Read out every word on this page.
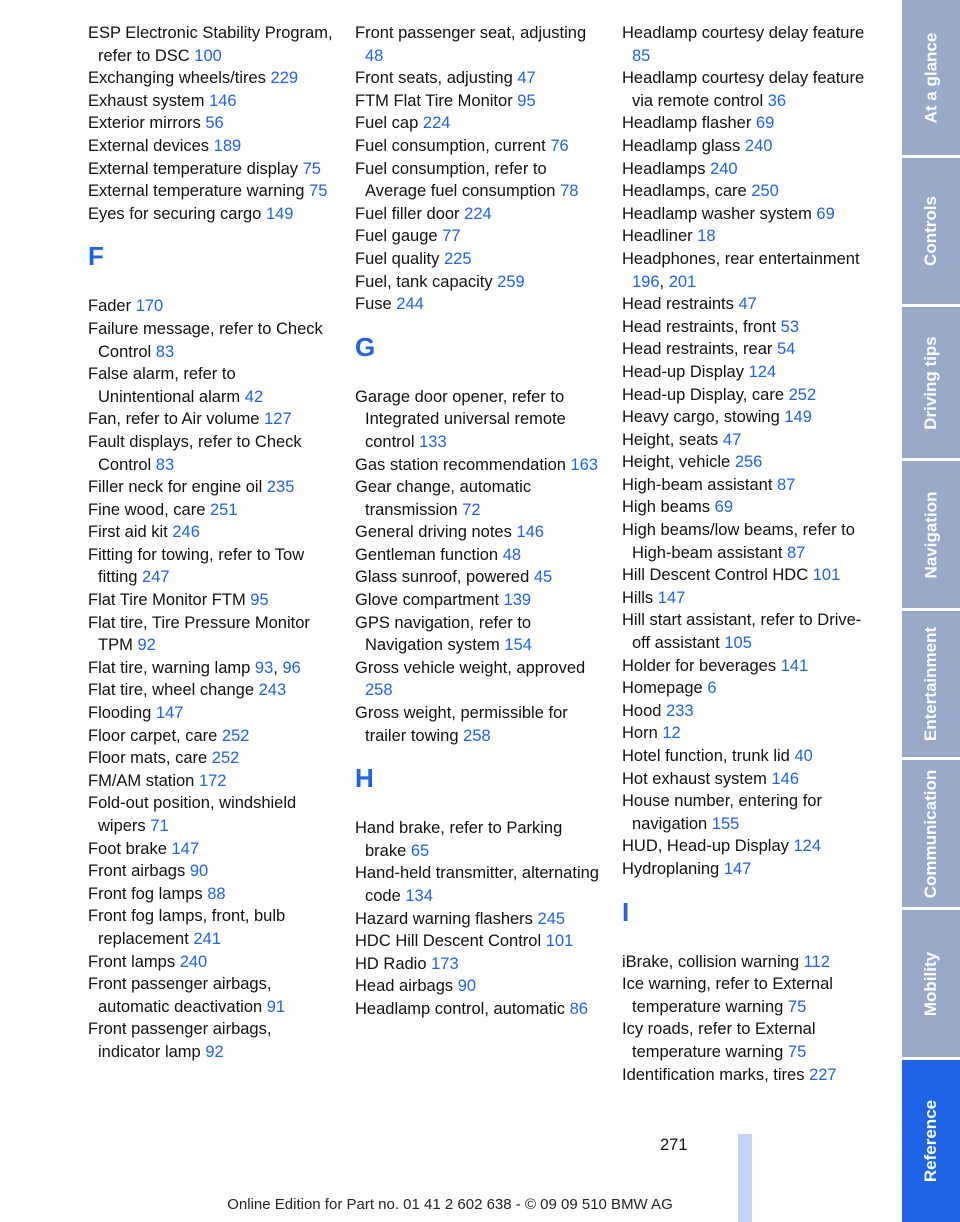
ESP Electronic Stability Program, refer to DSC 100
Exchanging wheels/tires 229
Exhaust system 146
Exterior mirrors 56
External devices 189
External temperature display 75
External temperature warning 75
Eyes for securing cargo 149
F
Fader 170
Failure message, refer to Check Control 83
False alarm, refer to Unintentional alarm 42
Fan, refer to Air volume 127
Fault displays, refer to Check Control 83
Filler neck for engine oil 235
Fine wood, care 251
First aid kit 246
Fitting for towing, refer to Tow fitting 247
Flat Tire Monitor FTM 95
Flat tire, Tire Pressure Monitor TPM 92
Flat tire, warning lamp 93, 96
Flat tire, wheel change 243
Flooding 147
Floor carpet, care 252
Floor mats, care 252
FM/AM station 172
Fold-out position, windshield wipers 71
Foot brake 147
Front airbags 90
Front fog lamps 88
Front fog lamps, front, bulb replacement 241
Front lamps 240
Front passenger airbags, automatic deactivation 91
Front passenger airbags, indicator lamp 92
Front passenger seat, adjusting 48
Front seats, adjusting 47
FTM Flat Tire Monitor 95
Fuel cap 224
Fuel consumption, current 76
Fuel consumption, refer to Average fuel consumption 78
Fuel filler door 224
Fuel gauge 77
Fuel quality 225
Fuel, tank capacity 259
Fuse 244
G
Garage door opener, refer to Integrated universal remote control 133
Gas station recommendation 163
Gear change, automatic transmission 72
General driving notes 146
Gentleman function 48
Glass sunroof, powered 45
Glove compartment 139
GPS navigation, refer to Navigation system 154
Gross vehicle weight, approved 258
Gross weight, permissible for trailer towing 258
H
Hand brake, refer to Parking brake 65
Hand-held transmitter, alternating code 134
Hazard warning flashers 245
HDC Hill Descent Control 101
HD Radio 173
Head airbags 90
Headlamp control, automatic 86
Headlamp courtesy delay feature 85
Headlamp courtesy delay feature via remote control 36
Headlamp flasher 69
Headlamp glass 240
Headlamps 240
Headlamps, care 250
Headlamp washer system 69
Headliner 18
Headphones, rear entertainment 196, 201
Head restraints 47
Head restraints, front 53
Head restraints, rear 54
Head-up Display 124
Head-up Display, care 252
Heavy cargo, stowing 149
Height, seats 47
Height, vehicle 256
High-beam assistant 87
High beams 69
High beams/low beams, refer to High-beam assistant 87
Hill Descent Control HDC 101
Hills 147
Hill start assistant, refer to Drive-off assistant 105
Holder for beverages 141
Homepage 6
Hood 233
Horn 12
Hotel function, trunk lid 40
Hot exhaust system 146
House number, entering for navigation 155
HUD, Head-up Display 124
Hydroplaning 147
I
iBrake, collision warning 112
Ice warning, refer to External temperature warning 75
Icy roads, refer to External temperature warning 75
Identification marks, tires 227
At a glance
Controls
Driving tips
Navigation
Entertainment
Communication
Mobility
Reference
271
Online Edition for Part no. 01 41 2 602 638 - © 09 09 510 BMW AG
